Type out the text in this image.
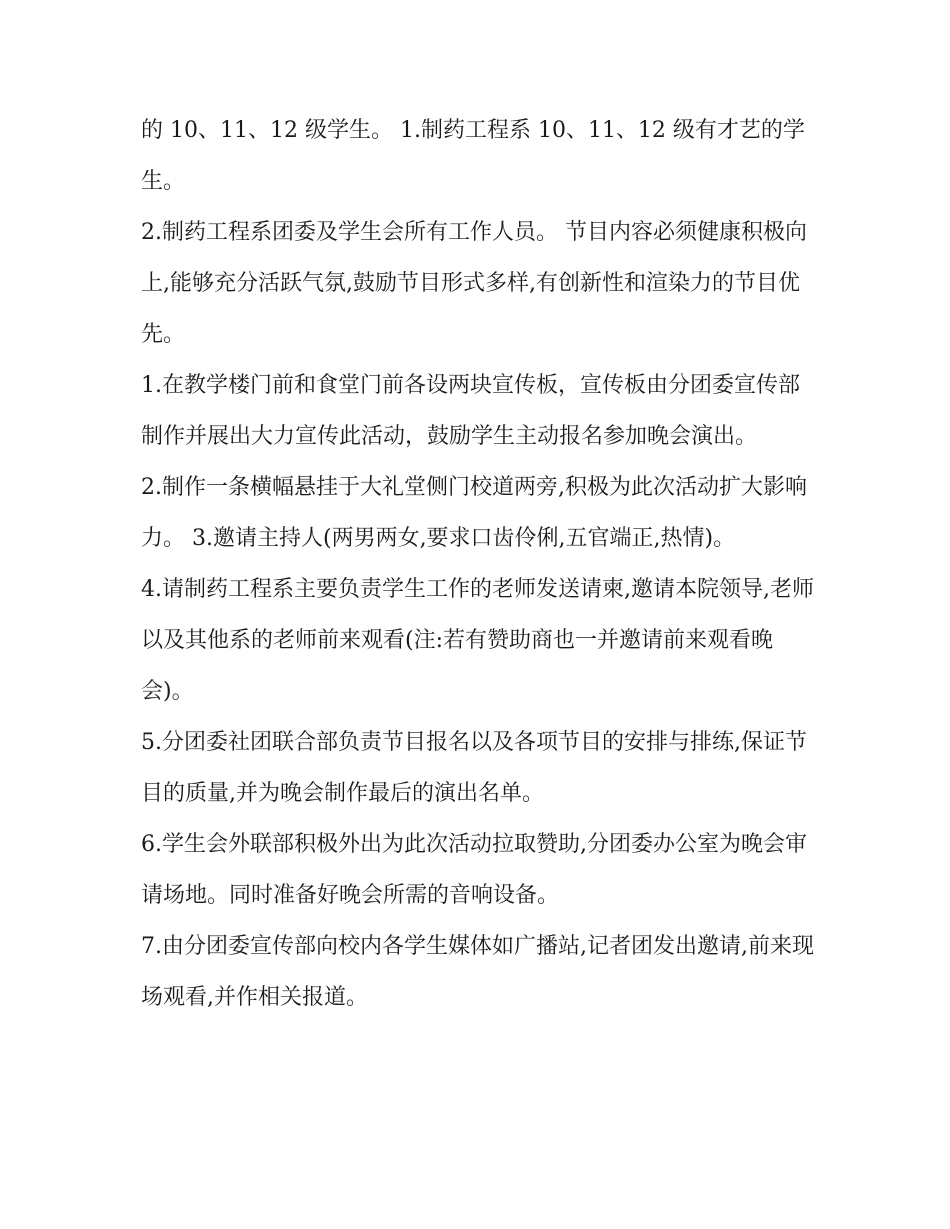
的 10、11、12 级学生。 1.制药工程系 10、11、12 级有才艺的学生。

2.制药工程系团委及学生会所有工作人员。 节目内容必须健康积极向上,能够充分活跃气氛,鼓励节目形式多样,有创新性和渲染力的节目优先。

1.在教学楼门前和食堂门前各设两块宣传板，宣传板由分团委宣传部制作并展出大力宣传此活动，鼓励学生主动报名参加晚会演出。

2.制作一条横幅悬挂于大礼堂侧门校道两旁,积极为此次活动扩大影响力。 3.邀请主持人(两男两女,要求口齿伶俐,五官端正,热情)。

4.请制药工程系主要负责学生工作的老师发送请柬,邀请本院领导,老师以及其他系的老师前来观看(注:若有赞助商也一并邀请前来观看晚会)。

5.分团委社团联合部负责节目报名以及各项节目的安排与排练,保证节目的质量,并为晚会制作最后的演出名单。

6.学生会外联部积极外出为此次活动拉取赞助,分团委办公室为晚会审请场地。同时准备好晚会所需的音响设备。

7.由分团委宣传部向校内各学生媒体如广播站,记者团发出邀请,前来现场观看,并作相关报道。
